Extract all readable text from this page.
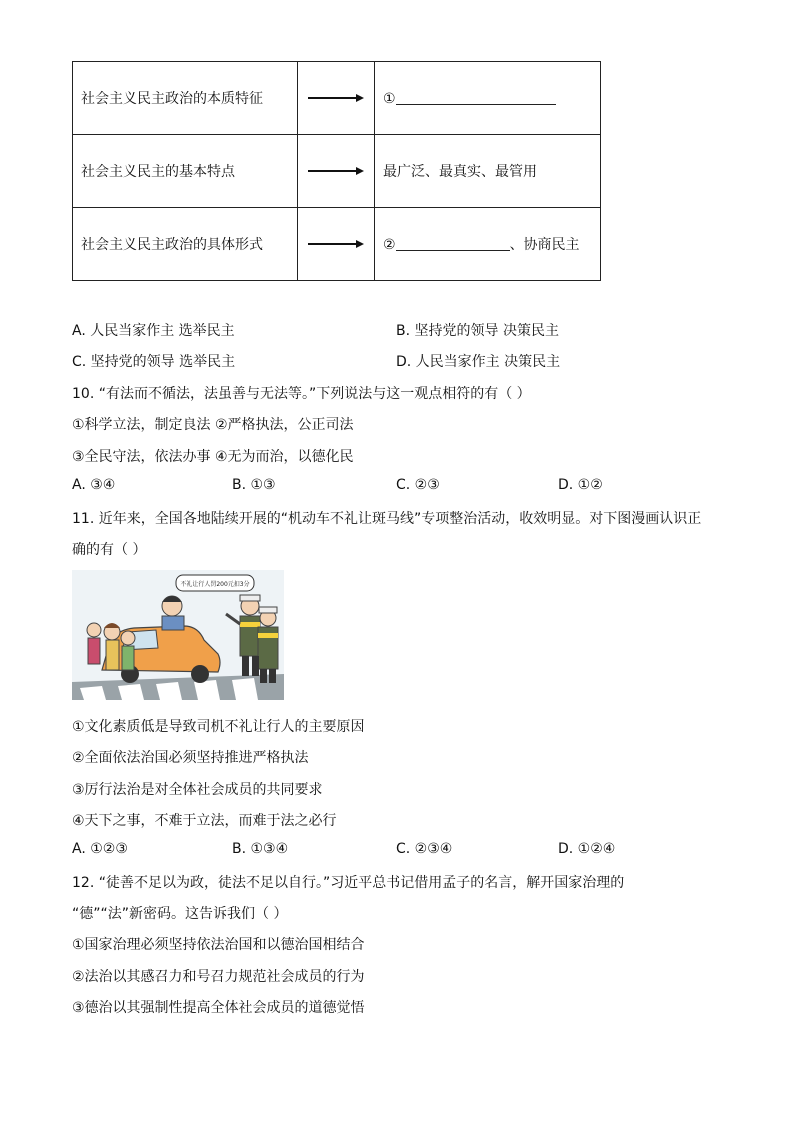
社会主义民主政治的本质特征		①
社会主义民主的基本特点		最广泛、最真实、最管用
社会主义民主政治的具体形式		② 、协商民主
A. 人民当家作主 选举民主	B. 坚持党的领导 决策民主
C. 坚持党的领导 选举民主	D. 人民当家作主 决策民主
10. “有法而不循法，法虽善与无法等。”下列说法与这一观点相符的有（ ）
①科学立法，制定良法 ②严格执法，公正司法
③全民守法，依法办事 ④无为而治，以德化民
A. ③④	B. ①③	C. ②③	D. ①②
11. 近年来，全国各地陆续开展的“机动车不礼让斑马线”专项整治活动，收效明显。对下图漫画认识正
确的有（ ）
不礼让行人罚200元扣3分
①文化素质低是导致司机不礼让行人的主要原因
②全面依法治国必须坚持推进严格执法
③厉行法治是对全体社会成员的共同要求
④天下之事，不难于立法，而难于法之必行
A. ①②③	B. ①③④	C. ②③④	D. ①②④
12. “徒善不足以为政，徒法不足以自行。”习近平总书记借用孟子的名言，解开国家治理的
“德”“法”新密码。这告诉我们（ ）
①国家治理必须坚持依法治国和以德治国相结合
②法治以其感召力和号召力规范社会成员的行为
③德治以其强制性提高全体社会成员的道德觉悟
